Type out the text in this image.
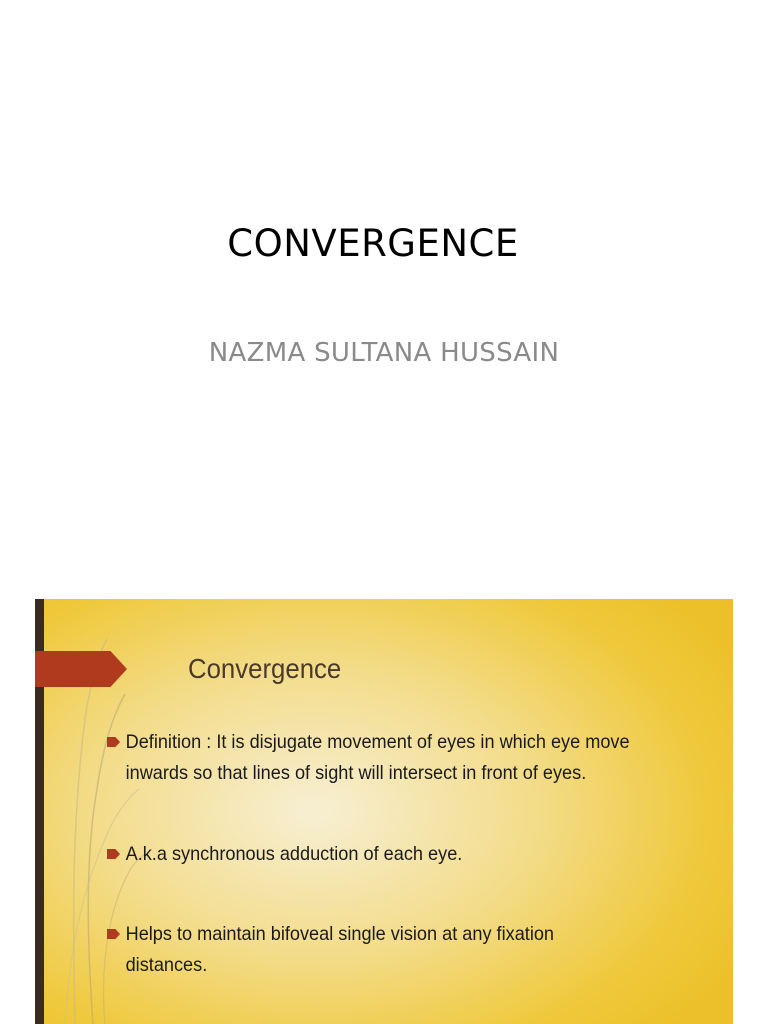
CONVERGENCE
NAZMA SULTANA HUSSAIN
Convergence
Definition : It is disjugate movement of eyes in which eye move
inwards so that lines of sight will intersect in front of eyes.
A.k.a synchronous adduction of each eye.
Helps to maintain bifoveal single vision at any fixation
distances.
